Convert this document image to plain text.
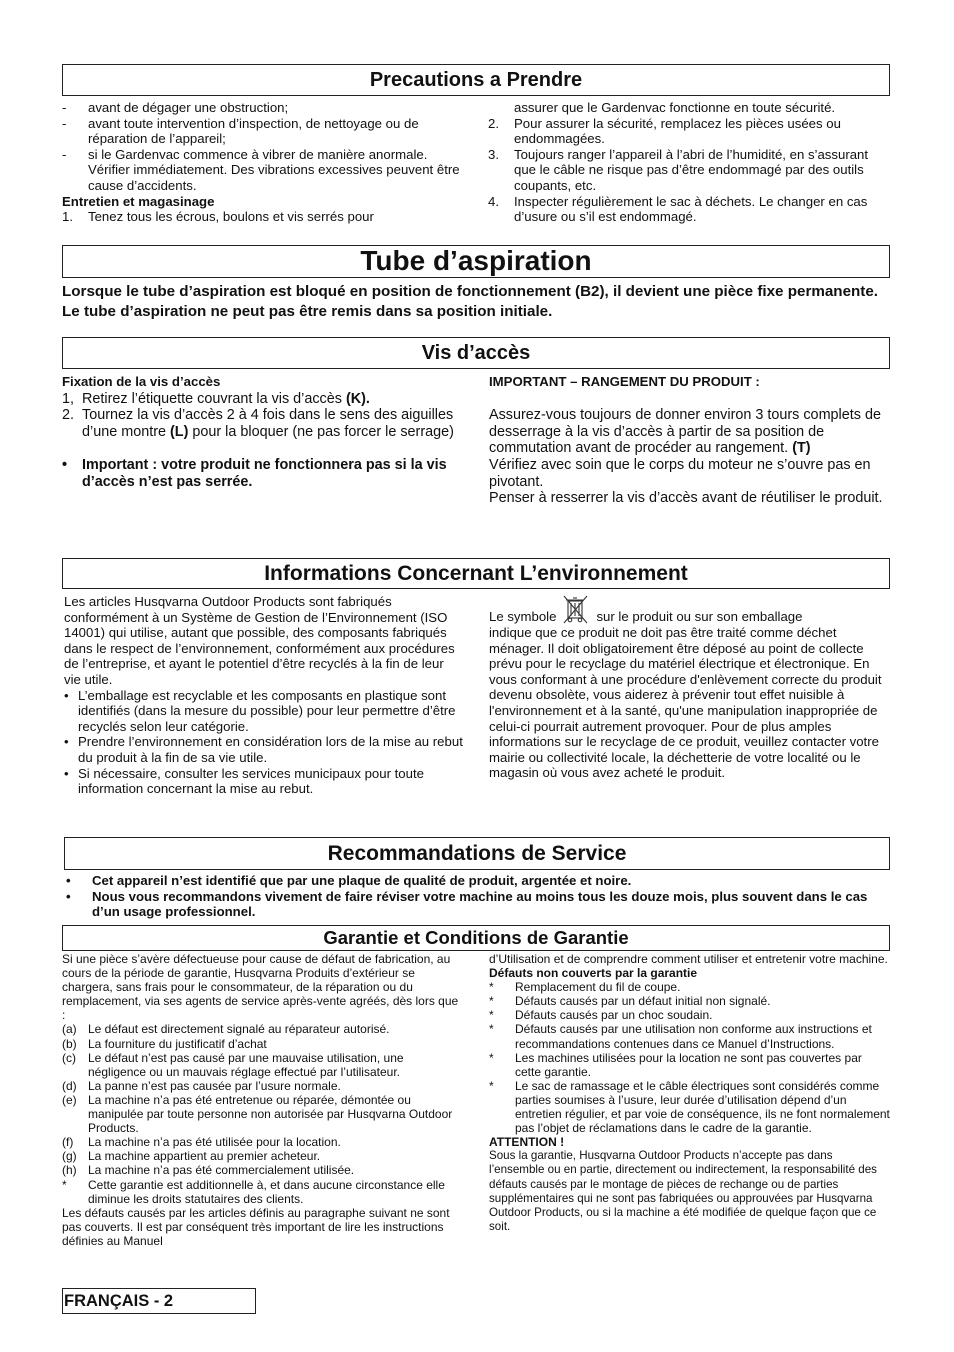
Precautions a Prendre
-	avant de dégager une obstruction;
-	avant toute intervention d’inspection, de nettoyage ou de réparation de l’appareil;
-	si le Gardenvac commence à vibrer de manière anormale. Vérifier immédiatement. Des vibrations excessives peuvent être cause d’accidents.
Entretien et magasinage
1.	Tenez tous les écrous, boulons et vis serrés pour
assurer que le Gardenvac fonctionne en toute sécurité.
2.	Pour assurer la sécurité, remplacez les pièces usées ou endommagées.
3.	Toujours ranger l’appareil à l’abri de l’humidité, en s’assurant que le câble ne risque pas d’être endommagé par des outils coupants, etc.
4.	Inspecter régulièrement le sac à déchets. Le changer en cas d’usure ou s’il est endommagé.
Tube d’aspiration
Lorsque le tube d’aspiration est bloqué en position de fonctionnement (B2), il devient une pièce fixe permanente. Le tube d’aspiration ne peut pas être remis dans sa position initiale.
Vis d’accès
Fixation de la vis d’accès
1, Retirez l’étiquette couvrant la vis d’accès (K).
2. Tournez la vis d’accès 2 à 4 fois dans le sens des aiguilles d’une montre (L) pour la bloquer (ne pas forcer le serrage)
•	Important : votre produit ne fonctionnera pas si la vis d’accès n’est pas serrée.
IMPORTANT – RANGEMENT DU PRODUIT :
Assurez-vous toujours de donner environ 3 tours complets de desserrage à la vis d’accès à partir de sa position de commutation avant de procéder au rangement. (T)
Vérifiez avec soin que le corps du moteur ne s’ouvre pas en pivotant.
Penser à resserrer la vis d’accès avant de réutiliser le produit.
Informations Concernant L’environnement
Les articles Husqvarna Outdoor Products sont fabriqués conformément à un Système de Gestion de l’Environnement (ISO 14001) qui utilise, autant que possible, des composants fabriqués dans le respect de l’environnement, conformément aux procédures de l’entreprise, et ayant le potentiel d’être recyclés à la fin de leur vie utile.
• L’emballage est recyclable et les composants en plastique sont identifiés (dans la mesure du possible) pour leur permettre d’être recyclés selon leur catégorie.
• Prendre l’environnement en considération lors de la mise au rebut du produit à la fin de sa vie utile.
• Si nécessaire, consulter les services municipaux pour toute information concernant la mise au rebut.
Le symbole	sur le produit ou sur son emballage
indique que ce produit ne doit pas être traité comme déchet ménager. Il doit obligatoirement être déposé au point de collecte prévu pour le recyclage du matériel électrique et électronique. En vous conformant à une procédure d'enlèvement correcte du produit devenu obsolète, vous aiderez à prévenir tout effet nuisible à l'environnement et à la santé, qu'une manipulation inappropriée de celui-ci pourrait autrement provoquer. Pour de plus amples informations sur le recyclage de ce produit, veuillez contacter votre mairie ou collectivité locale, la déchetterie de votre localité ou le magasin où vous avez acheté le produit.
Recommandations de Service
•	Cet appareil n’est identifié que par une plaque de qualité de produit, argentée et noire.
•	Nous vous recommandons vivement de faire réviser votre machine au moins tous les douze mois, plus souvent dans le cas d’un usage professionnel.
Garantie et Conditions de Garantie
Si une pièce s’avère défectueuse pour cause de défaut de fabrication, au cours de la période de garantie, Husqvarna Produits d’extérieur se chargera, sans frais pour le consommateur, de la réparation ou du remplacement, via ses agents de service après-vente agréés, dès lors que :
(a) Le défaut est directement signalé au réparateur autorisé.
(b) La fourniture du justificatif d’achat
(c)	Le défaut n’est pas causé par une mauvaise utilisation, une négligence ou un mauvais réglage effectué par l’utilisateur.
(d) La panne n’est pas causée par l’usure normale.
(e) La machine n’a pas été entretenue ou réparée, démontée ou manipulée par toute personne non autorisée par Husqvarna Outdoor Products.
(f)	La machine n’a pas été utilisée pour la location.
(g) La machine appartient au premier acheteur.
(h) La machine n’a pas été commercialement utilisée.
*	Cette garantie est additionnelle à, et dans aucune circonstance elle diminue les droits statutaires des clients.
Les défauts causés par les articles définis au paragraphe suivant ne sont pas couverts. Il est par conséquent très important de lire les instructions définies au Manuel
d’Utilisation et de comprendre comment utiliser et entretenir votre machine.
Défauts non couverts par la garantie
*	Remplacement du fil de coupe.
*	Défauts causés par un défaut initial non signalé.
*	Défauts causés par un choc soudain.
*	Défauts causés par une utilisation non conforme aux instructions et recommandations contenues dans ce Manuel d’Instructions.
*	Les machines utilisées pour la location ne sont pas couvertes par cette garantie.
*	Le sac de ramassage et le câble électriques sont considérés comme parties soumises à l’usure, leur durée d’utilisation dépend d’un entretien régulier, et par voie de conséquence, ils ne font normalement pas l’objet de réclamations dans le cadre de la garantie.
ATTENTION !
Sous la garantie, Husqvarna Outdoor Products n’accepte pas dans l’ensemble ou en partie, directement ou indirectement, la responsabilité des défauts causés par le montage de pièces de rechange ou de parties supplémentaires qui ne sont pas fabriquées ou approuvées par Husqvarna Outdoor Products, ou si la machine a été modifiée de quelque façon que ce soit.
FRANÇAIS - 2
